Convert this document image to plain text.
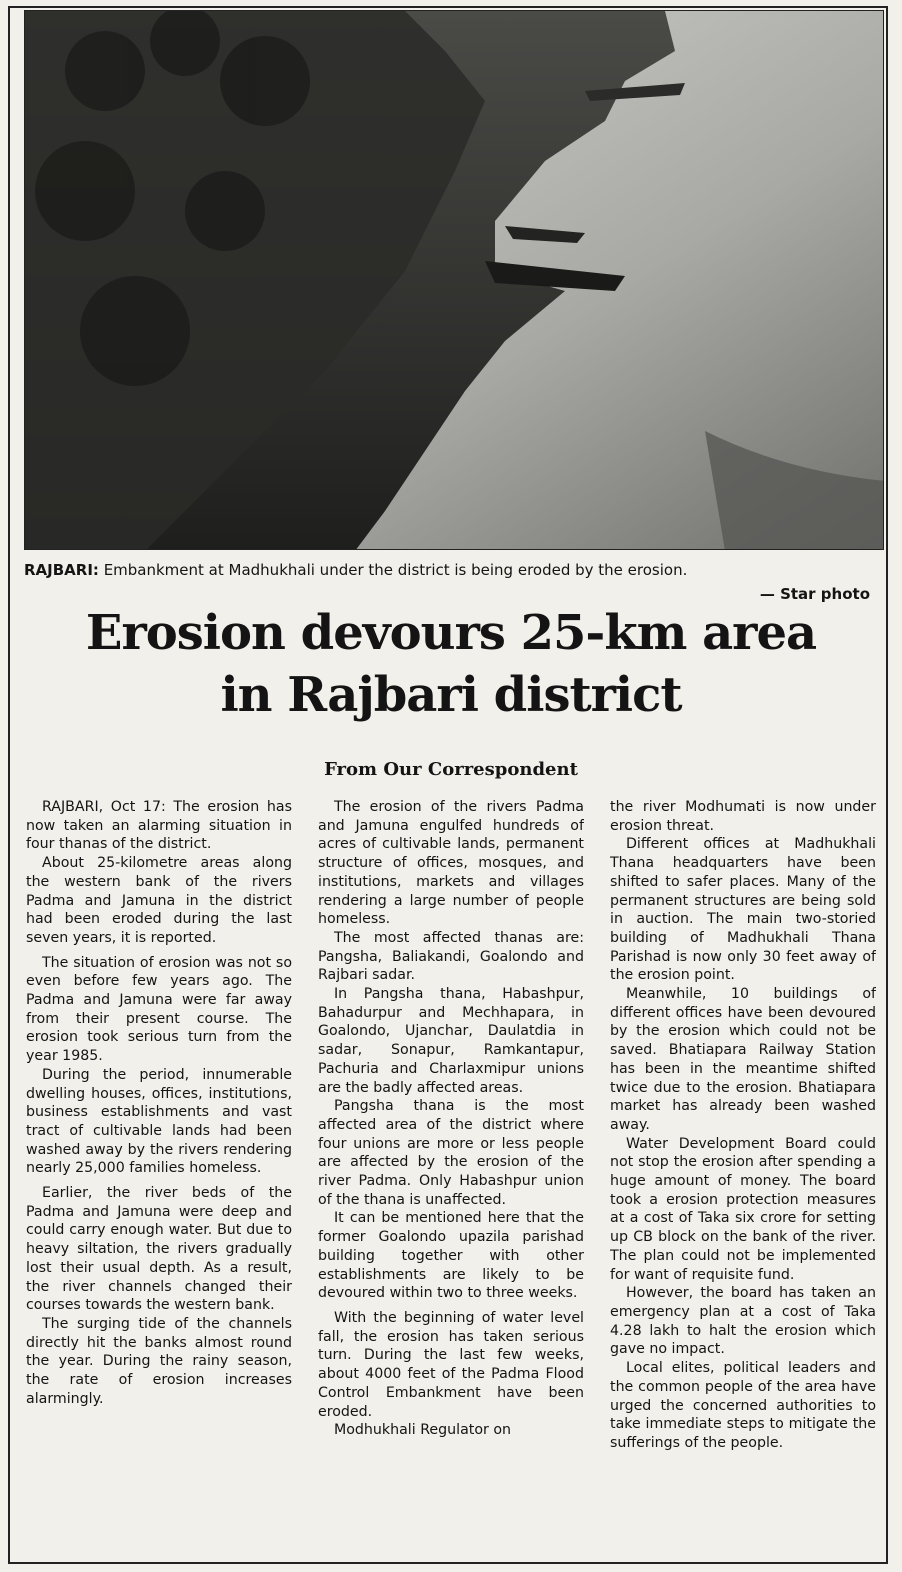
RAJBARI: Embankment at Madhukhali under the district is being eroded by the erosion.
— Star photo
Erosion devours 25-km area
in Rajbari district
From Our Correspondent

RAJBARI, Oct 17: The erosion has now taken an alarming situation in four thanas of the district.

About 25-kilometre areas along the western bank of the rivers Padma and Jamuna in the district had been eroded during the last seven years, it is reported.

The situation of erosion was not so even before few years ago. The Padma and Jamuna were far away from their present course. The erosion took serious turn from the year 1985.

During the period, innumerable dwelling houses, offices, institutions, business establishments and vast tract of cultivable lands had been washed away by the rivers rendering nearly 25,000 families homeless.

Earlier, the river beds of the Padma and Jamuna were deep and could carry enough water. But due to heavy siltation, the rivers gradually lost their usual depth. As a result, the river channels changed their courses towards the western bank.

The surging tide of the channels directly hit the banks almost round the year. During the rainy season, the rate of erosion increases alarmingly.

The erosion of the rivers Padma and Jamuna engulfed hundreds of acres of cultivable lands, permanent structure of offices, mosques, and institutions, markets and villages rendering a large number of people homeless.

The most affected thanas are: Pangsha, Baliakandi, Goalondo and Rajbari sadar.

In Pangsha thana, Habashpur, Bahadurpur and Mechhapara, in Goalondo, Ujanchar, Daulatdia in sadar, Sonapur, Ramkantapur, Pachuria and Charlaxmipur unions are the badly affected areas.

Pangsha thana is the most affected area of the district where four unions are more or less people are affected by the erosion of the river Padma. Only Habashpur union of the thana is unaffected.

It can be mentioned here that the former Goalondo upazila parishad building together with other establishments are likely to be devoured within two to three weeks.

With the beginning of water level fall, the erosion has taken serious turn. During the last few weeks, about 4000 feet of the Padma Flood Control Embankment have been eroded.

Modhukhali Regulator on

the river Modhumati is now under erosion threat.

Different offices at Madhukhali Thana headquarters have been shifted to safer places. Many of the permanent structures are being sold in auction. The main two-storied building of Madhukhali Thana Parishad is now only 30 feet away of the erosion point.

Meanwhile, 10 buildings of different offices have been devoured by the erosion which could not be saved. Bhatiapara Railway Station has been in the meantime shifted twice due to the erosion. Bhatiapara market has already been washed away.

Water Development Board could not stop the erosion after spending a huge amount of money. The board took a erosion protection measures at a cost of Taka six crore for setting up CB block on the bank of the river. The plan could not be implemented for want of requisite fund.

However, the board has taken an emergency plan at a cost of Taka 4.28 lakh to halt the erosion which gave no impact.

Local elites, political leaders and the common people of the area have urged the concerned authorities to take immediate steps to mitigate the sufferings of the people.
